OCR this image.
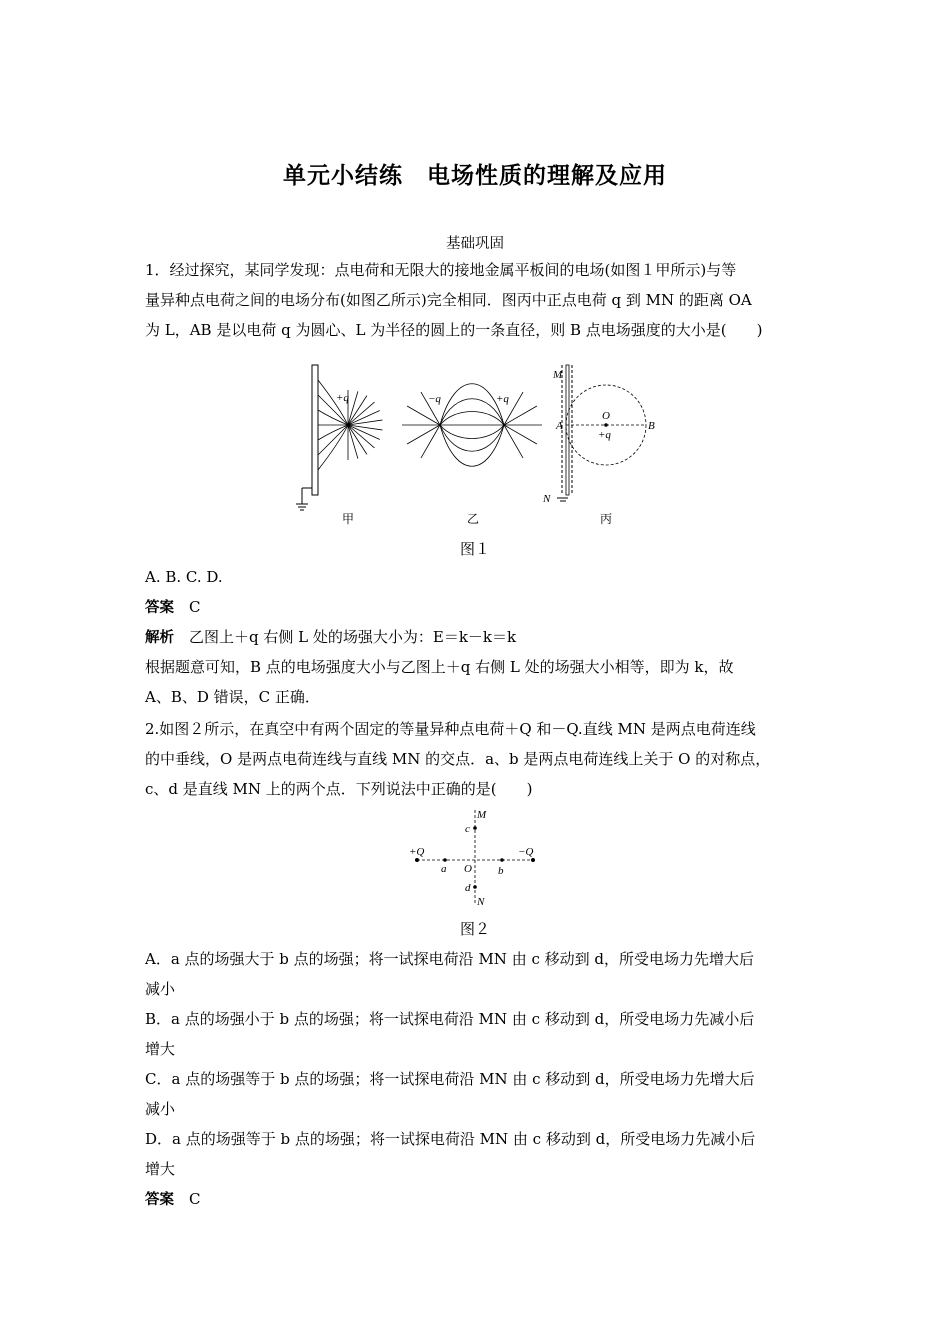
单元小结练　电场性质的理解及应用
基础巩固
1．经过探究，某同学发现：点电荷和无限大的接地金属平板间的电场(如图１甲所示)与等
量异种点电荷之间的电场分布(如图乙所示)完全相同．图丙中正点电荷 q 到 MN 的距离 OA
为 L，AB 是以电荷 q 为圆心、L 为半径的圆上的一条直径，则 B 点电场强度的大小是(　　)
+q	−q	+q
M
N
A
O
+q
B
甲	乙	丙
图１
A. B. C. D.
答案　 C
解析　 乙图上＋q 右侧 L 处的场强大小为：E＝k－k＝k
根据题意可知，B 点的电场强度大小与乙图上＋q 右侧 L 处的场强大小相等，即为 k，故
A、B、D 错误，C 正确．
2.如图２所示，在真空中有两个固定的等量异种点电荷＋Q 和－Q.直线 MN 是两点电荷连线
的中垂线，O 是两点电荷连线与直线 MN 的交点．a、b 是两点电荷连线上关于 O 的对称点，
c、d 是直线 MN 上的两个点．下列说法中正确的是(　　)
M
c
+Q	−Q
a O b
d
N
图２
A．a 点的场强大于 b 点的场强；将一试探电荷沿 MN 由 c 移动到 d，所受电场力先增大后
减小
B．a 点的场强小于 b 点的场强；将一试探电荷沿 MN 由 c 移动到 d，所受电场力先减小后
增大
C．a 点的场强等于 b 点的场强；将一试探电荷沿 MN 由 c 移动到 d，所受电场力先增大后
减小
D．a 点的场强等于 b 点的场强；将一试探电荷沿 MN 由 c 移动到 d，所受电场力先减小后
增大
答案　 C
